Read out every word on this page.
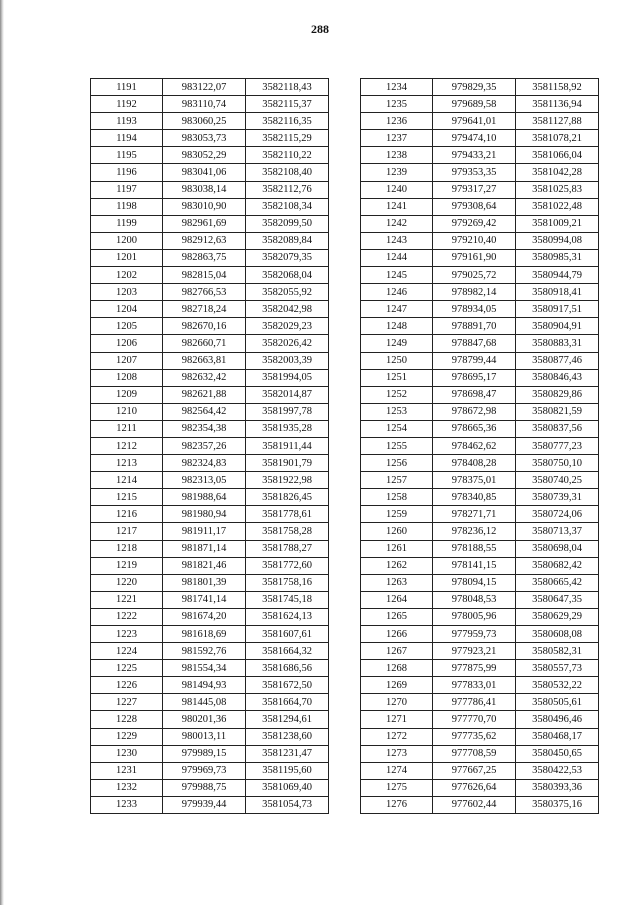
288
1191	983122,07	3582118,43
1192	983110,74	3582115,37
1193	983060,25	3582116,35
1194	983053,73	3582115,29
1195	983052,29	3582110,22
1196	983041,06	3582108,40
1197	983038,14	3582112,76
1198	983010,90	3582108,34
1199	982961,69	3582099,50
1200	982912,63	3582089,84
1201	982863,75	3582079,35
1202	982815,04	3582068,04
1203	982766,53	3582055,92
1204	982718,24	3582042,98
1205	982670,16	3582029,23
1206	982660,71	3582026,42
1207	982663,81	3582003,39
1208	982632,42	3581994,05
1209	982621,88	3582014,87
1210	982564,42	3581997,78
1211	982354,38	3581935,28
1212	982357,26	3581911,44
1213	982324,83	3581901,79
1214	982313,05	3581922,98
1215	981988,64	3581826,45
1216	981980,94	3581778,61
1217	981911,17	3581758,28
1218	981871,14	3581788,27
1219	981821,46	3581772,60
1220	981801,39	3581758,16
1221	981741,14	3581745,18
1222	981674,20	3581624,13
1223	981618,69	3581607,61
1224	981592,76	3581664,32
1225	981554,34	3581686,56
1226	981494,93	3581672,50
1227	981445,08	3581664,70
1228	980201,36	3581294,61
1229	980013,11	3581238,60
1230	979989,15	3581231,47
1231	979969,73	3581195,60
1232	979988,75	3581069,40
1233	979939,44	3581054,73
1234	979829,35	3581158,92
1235	979689,58	3581136,94
1236	979641,01	3581127,88
1237	979474,10	3581078,21
1238	979433,21	3581066,04
1239	979353,35	3581042,28
1240	979317,27	3581025,83
1241	979308,64	3581022,48
1242	979269,42	3581009,21
1243	979210,40	3580994,08
1244	979161,90	3580985,31
1245	979025,72	3580944,79
1246	978982,14	3580918,41
1247	978934,05	3580917,51
1248	978891,70	3580904,91
1249	978847,68	3580883,31
1250	978799,44	3580877,46
1251	978695,17	3580846,43
1252	978698,47	3580829,86
1253	978672,98	3580821,59
1254	978665,36	3580837,56
1255	978462,62	3580777,23
1256	978408,28	3580750,10
1257	978375,01	3580740,25
1258	978340,85	3580739,31
1259	978271,71	3580724,06
1260	978236,12	3580713,37
1261	978188,55	3580698,04
1262	978141,15	3580682,42
1263	978094,15	3580665,42
1264	978048,53	3580647,35
1265	978005,96	3580629,29
1266	977959,73	3580608,08
1267	977923,21	3580582,31
1268	977875,99	3580557,73
1269	977833,01	3580532,22
1270	977786,41	3580505,61
1271	977770,70	3580496,46
1272	977735,62	3580468,17
1273	977708,59	3580450,65
1274	977667,25	3580422,53
1275	977626,64	3580393,36
1276	977602,44	3580375,16
